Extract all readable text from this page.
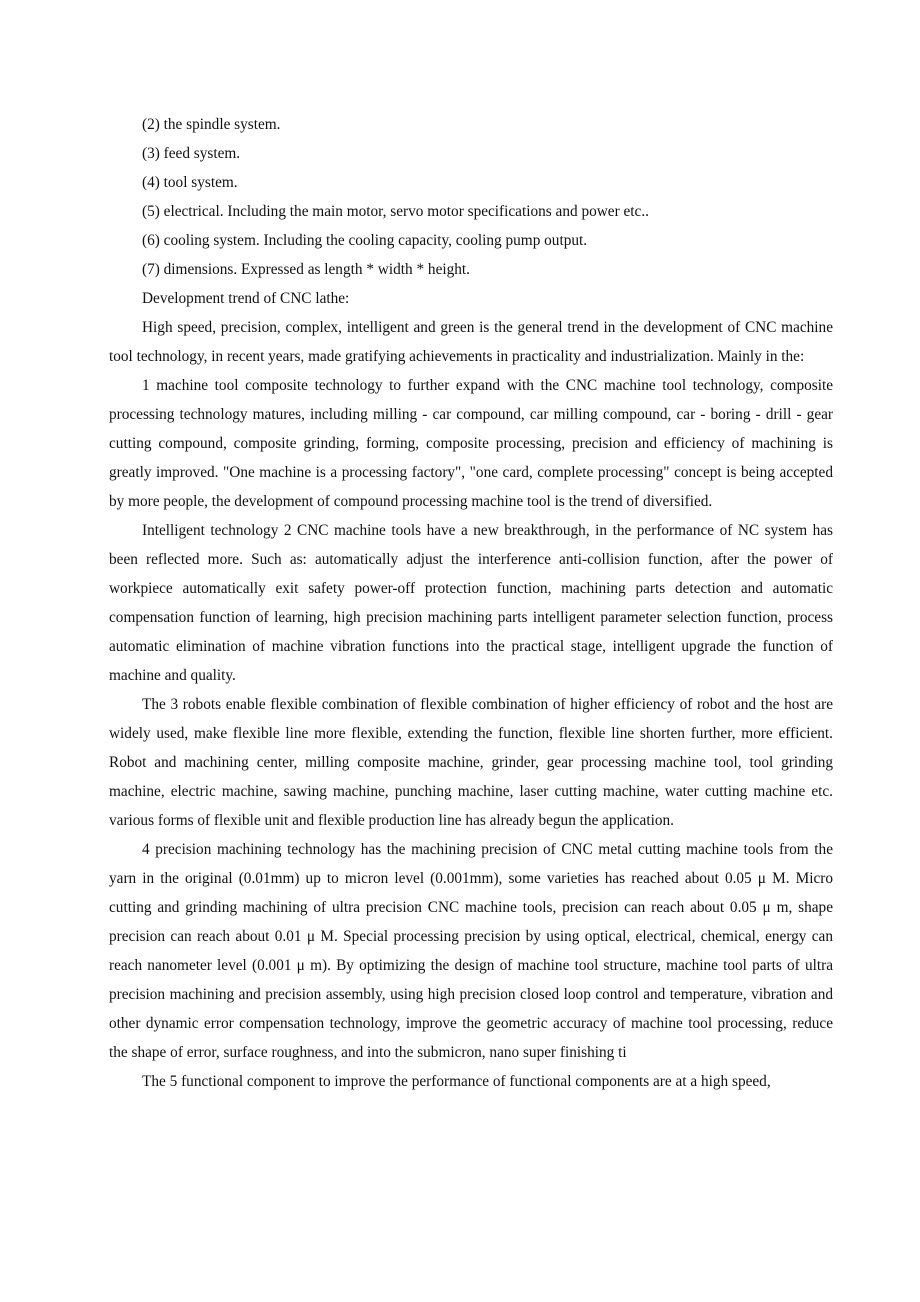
(2) the spindle system.

(3) feed system.

(4) tool system.

(5) electrical. Including the main motor, servo motor specifications and power etc..

(6) cooling system. Including the cooling capacity, cooling pump output.

(7) dimensions. Expressed as length * width * height.

Development trend of CNC lathe:

High speed, precision, complex, intelligent and green is the general trend in the development of CNC machine tool technology, in recent years, made gratifying achievements in practicality and industrialization. Mainly in the:

1 machine tool composite technology to further expand with the CNC machine tool technology, composite processing technology matures, including milling - car compound, car milling compound, car - boring - drill - gear cutting compound, composite grinding, forming, composite processing, precision and efficiency of machining is greatly improved. "One machine is a processing factory", "one card, complete processing" concept is being accepted by more people, the development of compound processing machine tool is the trend of diversified.

Intelligent technology 2 CNC machine tools have a new breakthrough, in the performance of NC system has been reflected more. Such as: automatically adjust the interference anti-collision function, after the power of workpiece automatically exit safety power-off protection function, machining parts detection and automatic compensation function of learning, high precision machining parts intelligent parameter selection function, process automatic elimination of machine vibration functions into the practical stage, intelligent upgrade the function of machine and quality.

The 3 robots enable flexible combination of flexible combination of higher efficiency of robot and the host are widely used, make flexible line more flexible, extending the function, flexible line shorten further, more efficient. Robot and machining center, milling composite machine, grinder, gear processing machine tool, tool grinding machine, electric machine, sawing machine, punching machine, laser cutting machine, water cutting machine etc. various forms of flexible unit and flexible production line has already begun the application.

4 precision machining technology has the machining precision of CNC metal cutting machine tools from the yarn in the original (0.01mm) up to micron level (0.001mm), some varieties has reached about 0.05 μ M. Micro cutting and grinding machining of ultra precision CNC machine tools, precision can reach about 0.05 μ m, shape precision can reach about 0.01 μ M. Special processing precision by using optical, electrical, chemical, energy can reach nanometer level (0.001 μ m). By optimizing the design of machine tool structure, machine tool parts of ultra precision machining and precision assembly, using high precision closed loop control and temperature, vibration and other dynamic error compensation technology, improve the geometric accuracy of machine tool processing, reduce the shape of error, surface roughness, and into the submicron, nano super finishing ti

The 5 functional component to improve the performance of functional components are at a high speed,
